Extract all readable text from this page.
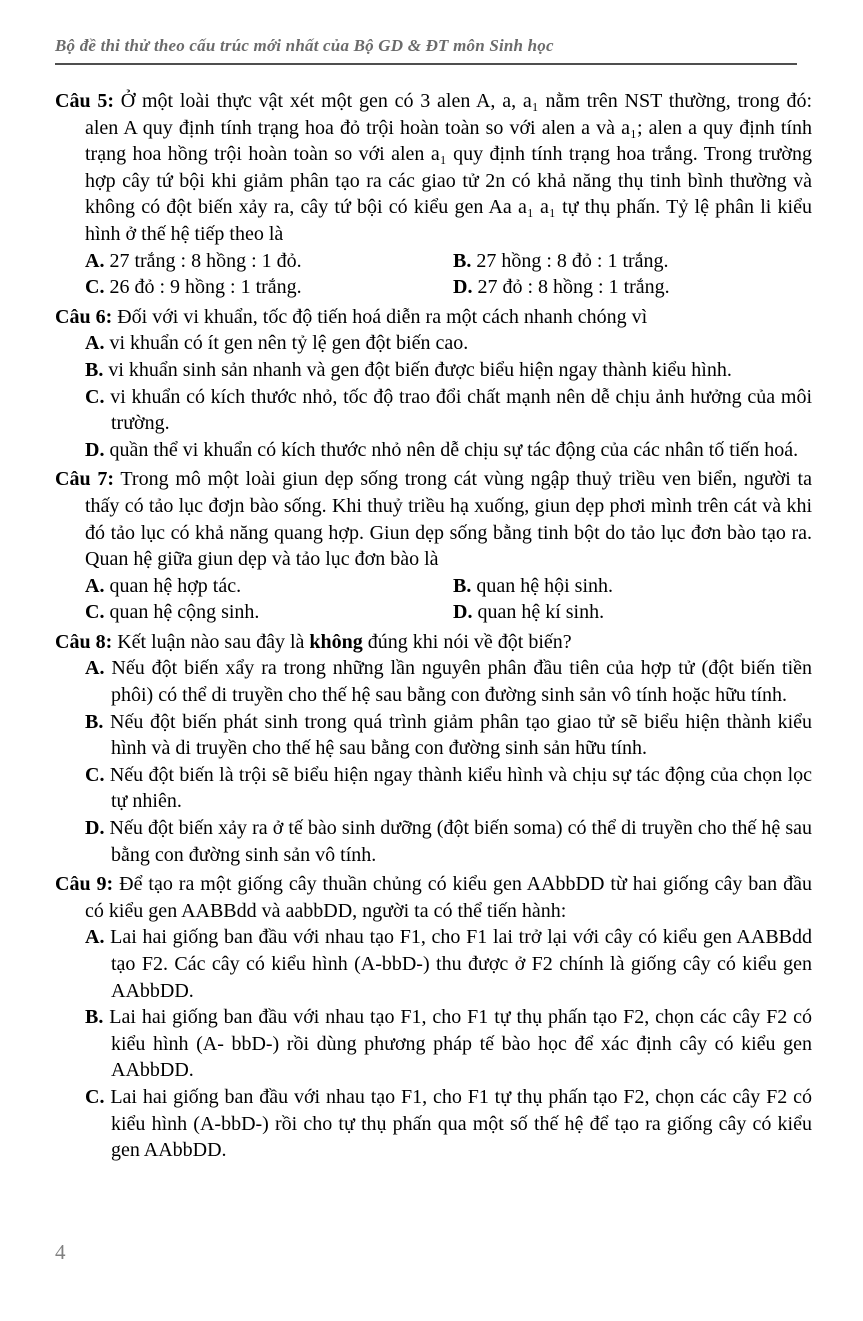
Bộ đề thi thử theo cấu trúc mới nhất của Bộ GD & ĐT môn Sinh học

Câu 5: Ở một loài thực vật xét một gen có 3 alen A, a, a₁ nằm trên NST thường, trong đó: alen A quy định tính trạng hoa đỏ trội hoàn toàn so với alen a và a₁; alen a quy định tính trạng hoa hồng trội hoàn toàn so với alen a₁ quy định tính trạng hoa trắng. Trong trường hợp cây tứ bội khi giảm phân tạo ra các giao tử 2n có khả năng thụ tinh bình thường và không có đột biến xảy ra, cây tứ bội có kiểu gen Aa a₁ a₁ tự thụ phấn. Tỷ lệ phân li kiểu hình ở thế hệ tiếp theo là

A. 27 trắng : 8 hồng : 1 đỏ.	B. 27 hồng : 8 đỏ : 1 trắng.

C. 26 đỏ : 9 hồng : 1 trắng.	D. 27 đỏ : 8 hồng : 1 trắng.

Câu 6: Đối với vi khuẩn, tốc độ tiến hoá diễn ra một cách nhanh chóng vì

A. vi khuẩn có ít gen nên tỷ lệ gen đột biến cao.

B. vi khuẩn sinh sản nhanh và gen đột biến được biểu hiện ngay thành kiểu hình.

C. vi khuẩn có kích thước nhỏ, tốc độ trao đổi chất mạnh nên dễ chịu ảnh hưởng của môi trường.

D. quần thể vi khuẩn có kích thước nhỏ nên dễ chịu sự tác động của các nhân tố tiến hoá.

Câu 7: Trong mô một loài giun dẹp sống trong cát vùng ngập thuỷ triều ven biển, người ta thấy có tảo lục đơjn bào sống. Khi thuỷ triều hạ xuống, giun dẹp phơi mình trên cát và khi đó tảo lục có khả năng quang hợp. Giun dẹp sống bằng tinh bột do tảo lục đơn bào tạo ra. Quan hệ giữa giun dẹp và tảo lục đơn bào là

A. quan hệ hợp tác.	B. quan hệ hội sinh.

C. quan hệ cộng sinh.	D. quan hệ kí sinh.

Câu 8: Kết luận nào sau đây là không đúng khi nói về đột biến?

A. Nếu đột biến xẩy ra trong những lần nguyên phân đầu tiên của hợp tử (đột biến tiền phôi) có thể di truyền cho thế hệ sau bằng con đường sinh sản vô tính hoặc hữu tính.

B. Nếu đột biến phát sinh trong quá trình giảm phân tạo giao tử sẽ biểu hiện thành kiểu hình và di truyền cho thế hệ sau bằng con đường sinh sản hữu tính.

C. Nếu đột biến là trội sẽ biểu hiện ngay thành kiểu hình và chịu sự tác động của chọn lọc tự nhiên.

D. Nếu đột biến xảy ra ở tế bào sinh dưỡng (đột biến soma) có thể di truyền cho thế hệ sau bằng con đường sinh sản vô tính.

Câu 9: Để tạo ra một giống cây thuần chủng có kiểu gen AAbbDD từ hai giống cây ban đầu có kiểu gen AABBdd và aabbDD, người ta có thể tiến hành:

A. Lai hai giống ban đầu với nhau tạo F1, cho F1 lai trở lại với cây có kiểu gen AABBdd tạo F2. Các cây có kiểu hình (A-bbD-) thu được ở F2 chính là giống cây có kiểu gen AAbbDD.

B. Lai hai giống ban đầu với nhau tạo F1, cho F1 tự thụ phấn tạo F2, chọn các cây F2 có kiểu hình (A- bbD-) rồi dùng phương pháp tế bào học để xác định cây có kiểu gen AAbbDD.

C. Lai hai giống ban đầu với nhau tạo F1, cho F1 tự thụ phấn tạo F2, chọn các cây F2 có kiểu hình (A-bbD-) rồi cho tự thụ phấn qua một số thế hệ để tạo ra giống cây có kiểu gen AAbbDD.

4
